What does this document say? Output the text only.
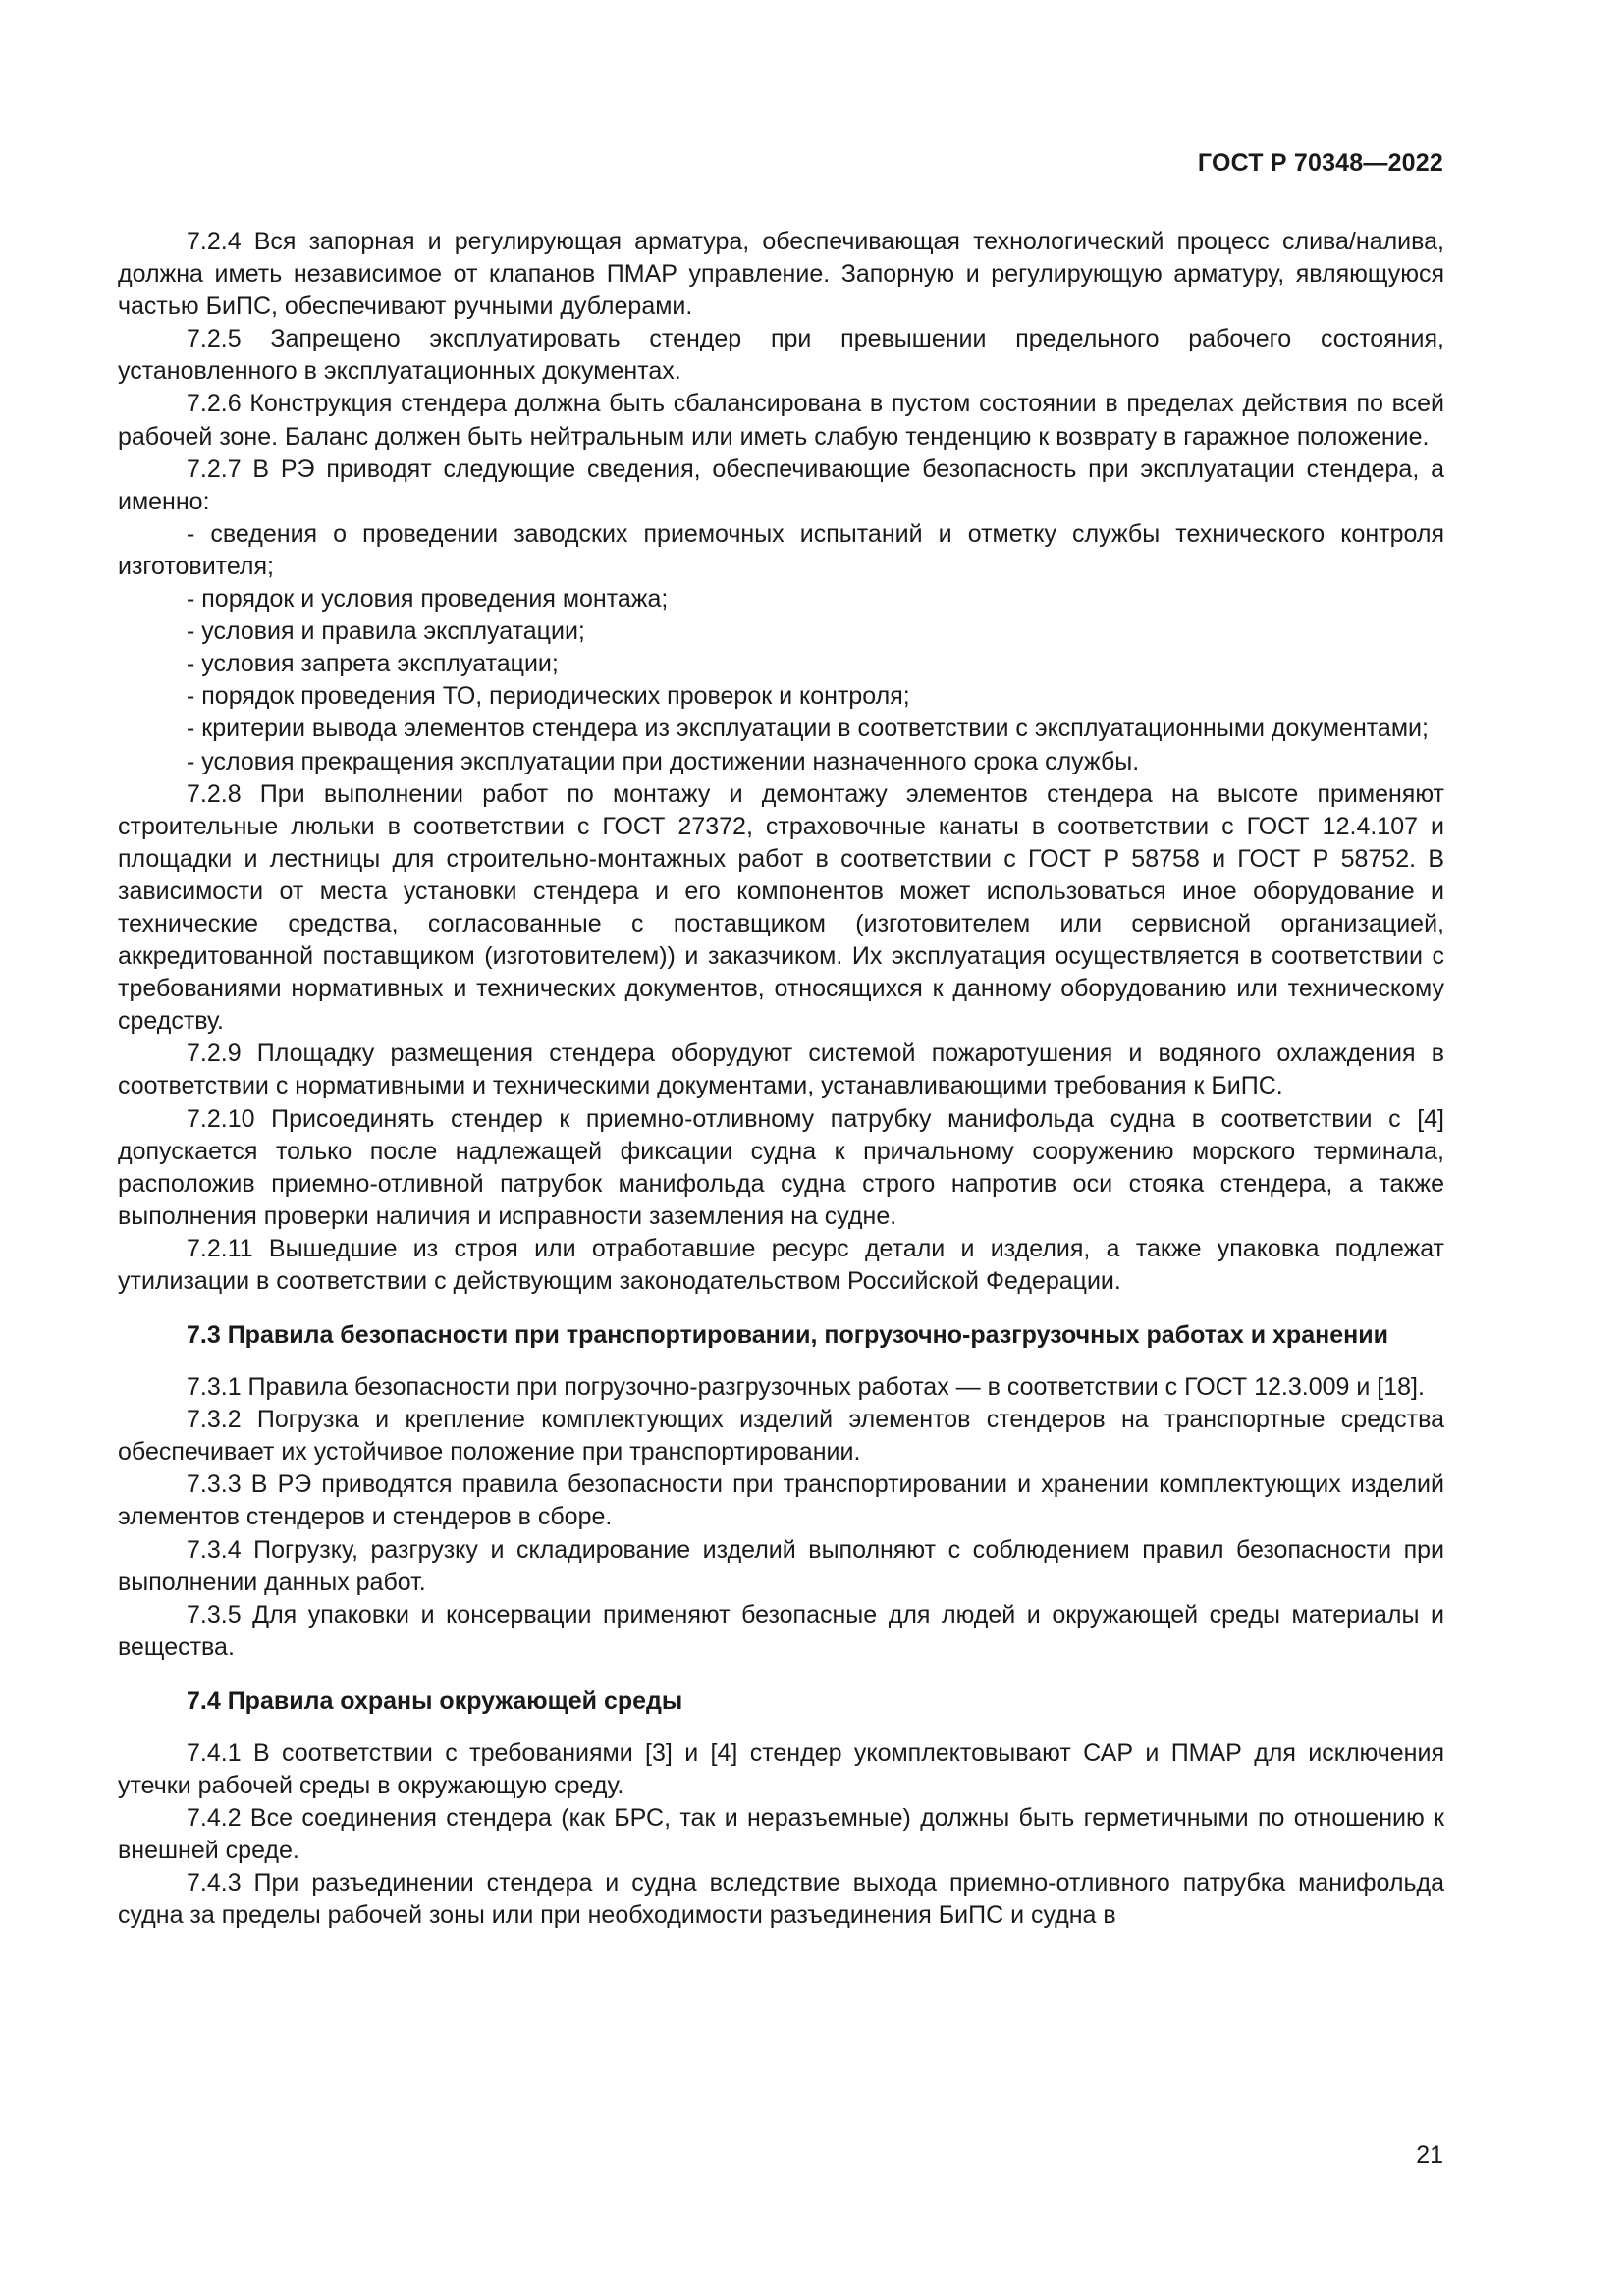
ГОСТ Р 70348—2022

7.2.4 Вся запорная и регулирующая арматура, обеспечивающая технологический процесс слива/налива, должна иметь независимое от клапанов ПМАР управление. Запорную и регулирующую арматуру, являющуюся частью БиПС, обеспечивают ручными дублерами.

7.2.5 Запрещено эксплуатировать стендер при превышении предельного рабочего состояния, установленного в эксплуатационных документах.

7.2.6 Конструкция стендера должна быть сбалансирована в пустом состоянии в пределах действия по всей рабочей зоне. Баланс должен быть нейтральным или иметь слабую тенденцию к возврату в гаражное положение.

7.2.7 В РЭ приводят следующие сведения, обеспечивающие безопасность при эксплуатации стендера, а именно:

- сведения о проведении заводских приемочных испытаний и отметку службы технического контроля изготовителя;

- порядок и условия проведения монтажа;

- условия и правила эксплуатации;

- условия запрета эксплуатации;

- порядок проведения ТО, периодических проверок и контроля;

- критерии вывода элементов стендера из эксплуатации в соответствии с эксплуатационными документами;

- условия прекращения эксплуатации при достижении назначенного срока службы.

7.2.8 При выполнении работ по монтажу и демонтажу элементов стендера на высоте применяют строительные люльки в соответствии с ГОСТ 27372, страховочные канаты в соответствии с ГОСТ 12.4.107 и площадки и лестницы для строительно-монтажных работ в соответствии с ГОСТ Р 58758 и ГОСТ Р 58752. В зависимости от места установки стендера и его компонентов может использоваться иное оборудование и технические средства, согласованные с поставщиком (изготовителем или сервисной организацией, аккредитованной поставщиком (изготовителем)) и заказчиком. Их эксплуатация осуществляется в соответствии с требованиями нормативных и технических документов, относящихся к данному оборудованию или техническому средству.

7.2.9 Площадку размещения стендера оборудуют системой пожаротушения и водяного охлаждения в соответствии с нормативными и техническими документами, устанавливающими требования к БиПС.

7.2.10 Присоединять стендер к приемно-отливному патрубку манифольда судна в соответствии с [4] допускается только после надлежащей фиксации судна к причальному сооружению морского терминала, расположив приемно-отливной патрубок манифольда судна строго напротив оси стояка стендера, а также выполнения проверки наличия и исправности заземления на судне.

7.2.11 Вышедшие из строя или отработавшие ресурс детали и изделия, а также упаковка подлежат утилизации в соответствии с действующим законодательством Российской Федерации.

7.3 Правила безопасности при транспортировании, погрузочно-разгрузочных работах и хранении

7.3.1 Правила безопасности при погрузочно-разгрузочных работах — в соответствии с ГОСТ 12.3.009 и [18].

7.3.2 Погрузка и крепление комплектующих изделий элементов стендеров на транспортные средства обеспечивает их устойчивое положение при транспортировании.

7.3.3 В РЭ приводятся правила безопасности при транспортировании и хранении комплектующих изделий элементов стендеров и стендеров в сборе.

7.3.4 Погрузку, разгрузку и складирование изделий выполняют с соблюдением правил безопасности при выполнении данных работ.

7.3.5 Для упаковки и консервации применяют безопасные для людей и окружающей среды материалы и вещества.

7.4 Правила охраны окружающей среды

7.4.1 В соответствии с требованиями [3] и [4] стендер укомплектовывают САР и ПМАР для исключения утечки рабочей среды в окружающую среду.

7.4.2 Все соединения стендера (как БРС, так и неразъемные) должны быть герметичными по отношению к внешней среде.

7.4.3 При разъединении стендера и судна вследствие выхода приемно-отливного патрубка манифольда судна за пределы рабочей зоны или при необходимости разъединения БиПС и судна в

21
